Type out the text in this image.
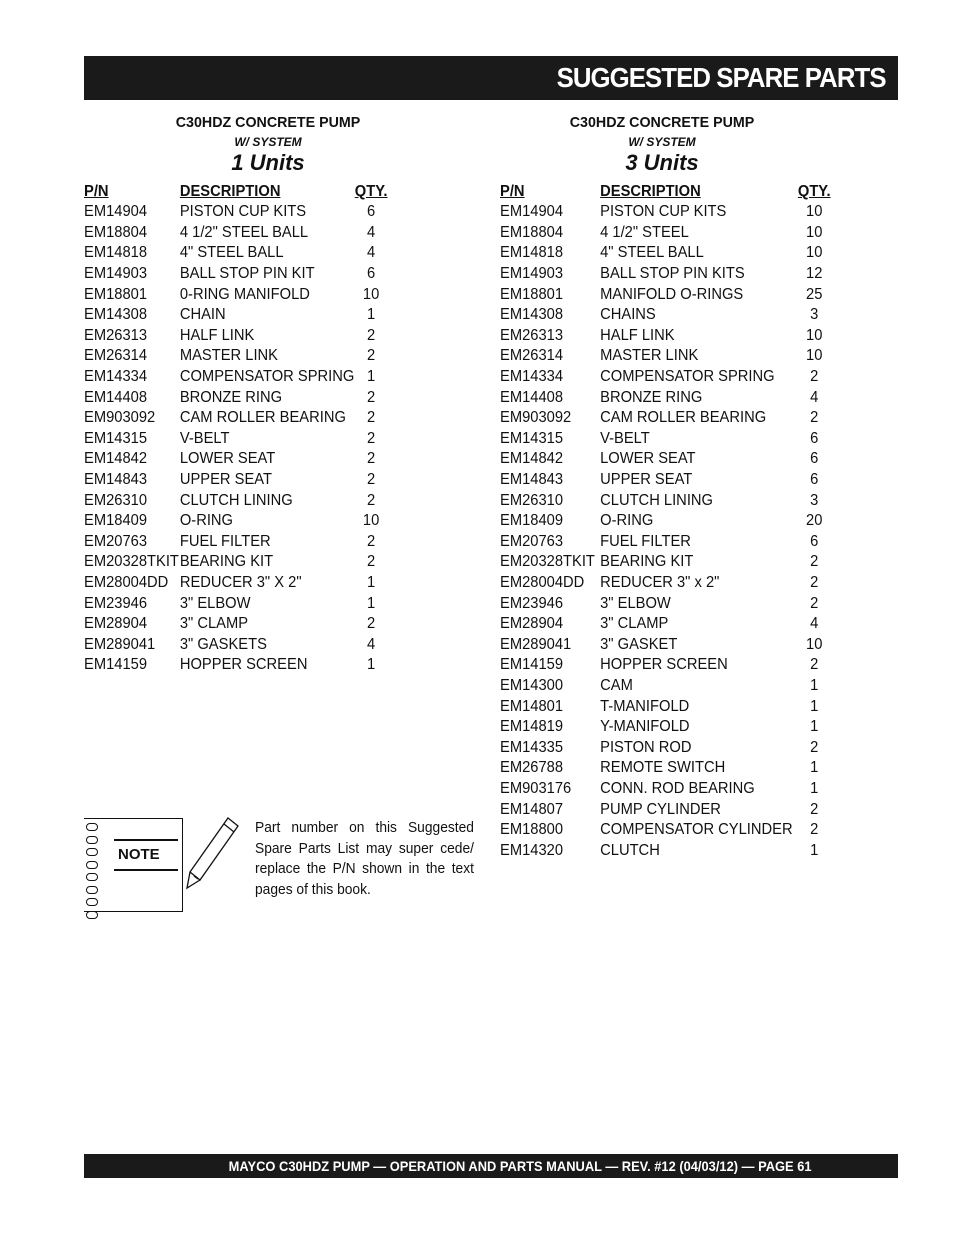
SUGGESTED SPARE PARTS
C30HDZ CONCRETE PUMP
W/ SYSTEM
1 Units
P/N	DESCRIPTION	QTY.
EM14904	PISTON CUP KITS	6
EM18804	4 1/2" STEEL BALL	4
EM14818	4" STEEL BALL	4
EM14903	BALL STOP PIN KIT	6
EM18801	0-RING MANIFOLD	10
EM14308	CHAIN	1
EM26313	HALF LINK	2
EM26314	MASTER LINK	2
EM14334	COMPENSATOR SPRING	1
EM14408	BRONZE RING	2
EM903092	CAM ROLLER BEARING	2
EM14315	V-BELT	2
EM14842	LOWER SEAT	2
EM14843	UPPER SEAT	2
EM26310	CLUTCH LINING	2
EM18409	O-RING	10
EM20763	FUEL FILTER	2
EM20328TKIT	BEARING KIT	2
EM28004DD	REDUCER 3" X 2"	1
EM23946	3" ELBOW	1
EM28904	3" CLAMP	2
EM289041	3" GASKETS	4
EM14159	HOPPER SCREEN	1
C30HDZ CONCRETE PUMP
W/ SYSTEM
3 Units
P/N	DESCRIPTION	QTY.
EM14904	PISTON CUP KITS	10
EM18804	4 1/2" STEEL	10
EM14818	4" STEEL BALL	10
EM14903	BALL STOP PIN KITS	12
EM18801	MANIFOLD O-RINGS	25
EM14308	CHAINS	3
EM26313	HALF LINK	10
EM26314	MASTER LINK	10
EM14334	COMPENSATOR SPRING	2
EM14408	BRONZE RING	4
EM903092	CAM ROLLER BEARING	2
EM14315	V-BELT	6
EM14842	LOWER SEAT	6
EM14843	UPPER SEAT	6
EM26310	CLUTCH LINING	3
EM18409	O-RING	20
EM20763	FUEL FILTER	6
EM20328TKIT	BEARING KIT	2
EM28004DD	REDUCER 3" x 2"	2
EM23946	3" ELBOW	2
EM28904	3" CLAMP	4
EM289041	3" GASKET	10
EM14159	HOPPER SCREEN	2
EM14300	CAM	1
EM14801	T-MANIFOLD	1
EM14819	Y-MANIFOLD	1
EM14335	PISTON ROD	2
EM26788	REMOTE SWITCH	1
EM903176	CONN. ROD BEARING	1
EM14807	PUMP CYLINDER	2
EM18800	COMPENSATOR CYLINDER	2
EM14320	CLUTCH	1
NOTE
Part number on this Suggested Spare Parts List may super cede/ replace the P/N shown in the text pages of this book.
MAYCO C30HDZ PUMP — OPERATION AND PARTS MANUAL — REV. #12 (04/03/12) — PAGE 61
